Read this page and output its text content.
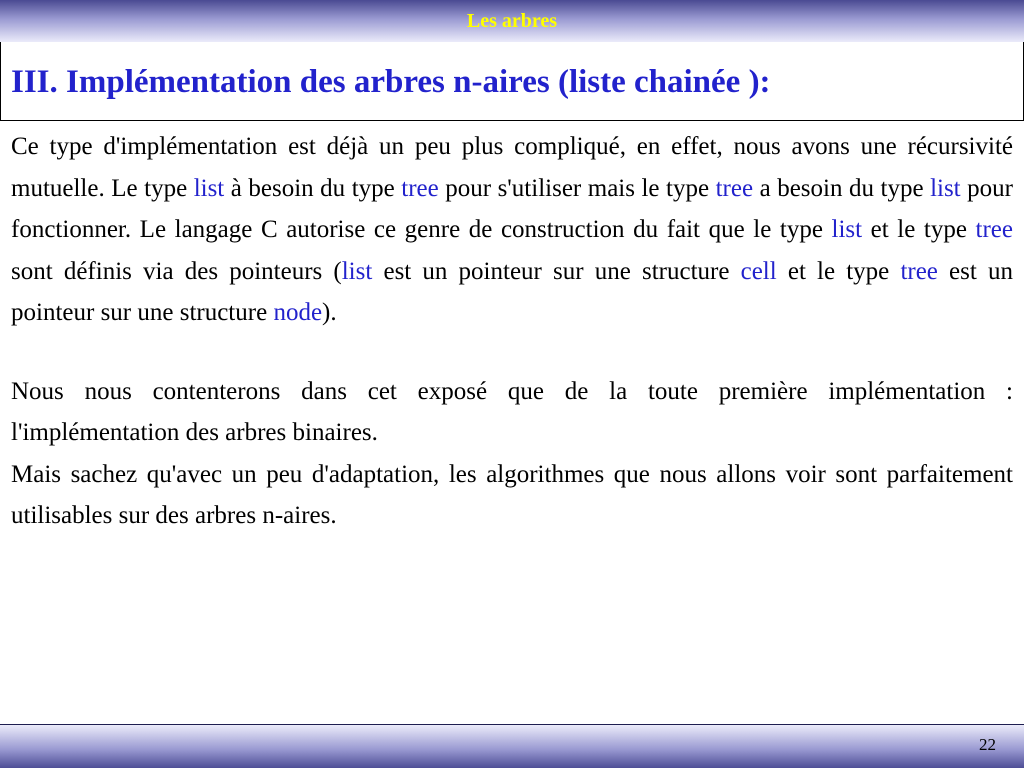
Les arbres
III. Implémentation des arbres n-aires (liste chainée ):

Ce type d'implémentation est déjà un peu plus compliqué, en effet, nous avons une récursivité mutuelle. Le type list à besoin du type tree pour s'utiliser mais le type tree a besoin du type list pour fonctionner. Le langage C autorise ce genre de construction du fait que le type list et le type tree sont définis via des pointeurs (list est un pointeur sur une structure cell et le type tree est un pointeur sur une structure node).

Nous nous contenterons dans cet exposé que de la toute première implémentation : l'implémentation des arbres binaires.

Mais sachez qu'avec un peu d'adaptation, les algorithmes que nous allons voir sont parfaitement utilisables sur des arbres n-aires.

22
